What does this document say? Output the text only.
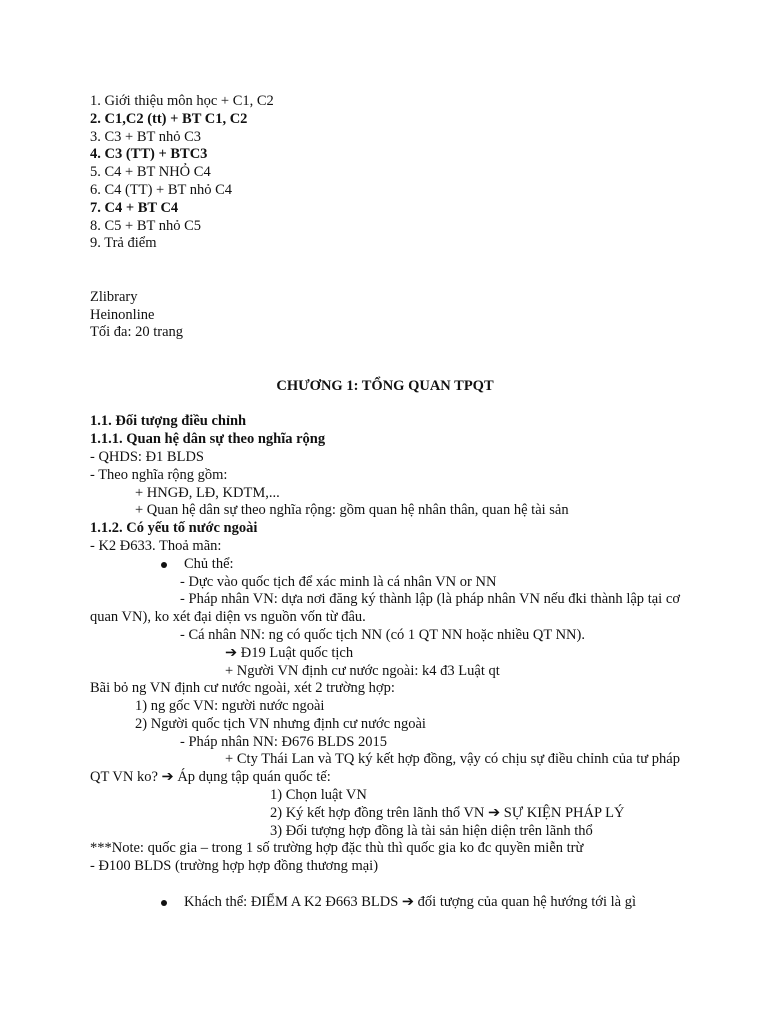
1. Giới thiệu môn học + C1, C2
2. C1,C2 (tt) + BT C1, C2
3. C3 + BT nhỏ C3
4. C3 (TT) + BTC3
5. C4 + BT NHỎ C4
6. C4 (TT) + BT nhỏ C4
7. C4 + BT C4
8. C5 + BT nhỏ C5
9. Trả điểm
Zlibrary
Heinonline
Tối đa: 20 trang
CHƯƠNG 1: TỔNG QUAN TPQT
1.1. Đối tượng điều chỉnh
1.1.1. Quan hệ dân sự theo nghĩa rộng
- QHDS: Đ1 BLDS
- Theo nghĩa rộng gồm:
+ HNGĐ, LĐ, KDTM,...
+ Quan hệ dân sự theo nghĩa rộng: gồm quan hệ nhân thân, quan hệ tài sản
1.1.2. Có yếu tố nước ngoài
- K2 Đ633. Thoả mãn:
Chủ thể:
- Dực vào quốc tịch để xác minh là cá nhân VN or NN
- Pháp nhân VN: dựa nơi đăng ký thành lập (là pháp nhân VN nếu đki thành lập tại cơ quan VN), ko xét đại diện vs nguồn vốn từ đâu.
- Cá nhân NN: ng có quốc tịch NN (có 1 QT NN hoặc nhiều QT NN).
➔ Đ19 Luật quốc tịch
+ Người VN định cư nước ngoài: k4 đ3 Luật qt
Bãi bỏ ng VN định cư nước ngoài, xét 2 trường hợp:
1) ng gốc VN: người nước ngoài
2) Người quốc tịch VN nhưng định cư nước ngoài
- Pháp nhân NN: Đ676 BLDS 2015
+ Cty Thái Lan và TQ ký kết hợp đồng, vậy có chịu sự điều chỉnh của tư pháp QT VN ko? ➔ Áp dụng tập quán quốc tế:
1) Chọn luật VN
2) Ký kết hợp đồng trên lãnh thổ VN ➔ SỰ KIỆN PHÁP LÝ
3) Đối tượng hợp đồng là tài sản hiện diện trên lãnh thổ
***Note: quốc gia – trong 1 số trường hợp đặc thù thì quốc gia ko đc quyền miễn trừ
- Đ100 BLDS (trường hợp hợp đồng thương mại)
Khách thể: ĐIỂM A K2 Đ663 BLDS ➔ đối tượng của quan hệ hướng tới là gì
